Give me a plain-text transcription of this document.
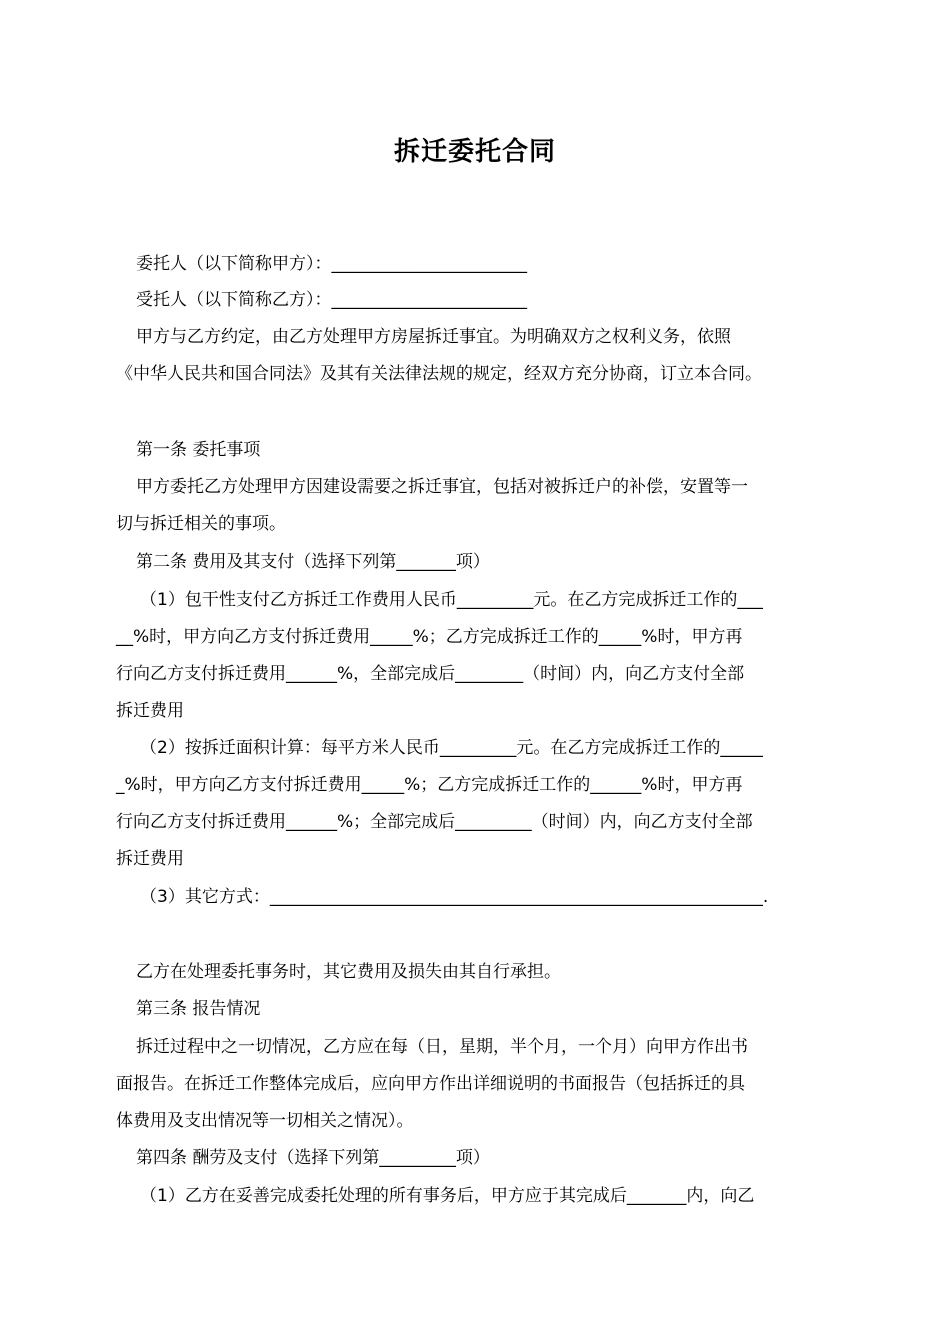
拆迁委托合同
委托人（以下简称甲方）：_______________________
受托人（以下简称乙方）：_______________________
甲方与乙方约定，由乙方处理甲方房屋拆迁事宜。为明确双方之权利义务，依照
《中华人民共和国合同法》及其有关法律法规的规定，经双方充分协商，订立本合同。
第一条 委托事项
甲方委托乙方处理甲方因建设需要之拆迁事宜，包括对被拆迁户的补偿，安置等一
切与拆迁相关的事项。
第二条 费用及其支付（选择下列第_______项）
（1）包干性支付乙方拆迁工作费用人民币_________元。在乙方完成拆迁工作的___
__%时，甲方向乙方支付拆迁费用_____%；乙方完成拆迁工作的_____%时，甲方再
行向乙方支付拆迁费用______%，全部完成后________（时间）内，向乙方支付全部
拆迁费用
（2）按拆迁面积计算：每平方米人民币_________元。在乙方完成拆迁工作的_____
_%时，甲方向乙方支付拆迁费用_____%；乙方完成拆迁工作的______%时，甲方再
行向乙方支付拆迁费用______%；全部完成后_________（时间）内，向乙方支付全部
拆迁费用
（3）其它方式：__________________________________________________________.
乙方在处理委托事务时，其它费用及损失由其自行承担。
第三条 报告情况
拆迁过程中之一切情况，乙方应在每（日，星期，半个月，一个月）向甲方作出书
面报告。在拆迁工作整体完成后，应向甲方作出详细说明的书面报告（包括拆迁的具
体费用及支出情况等一切相关之情况）。
第四条 酬劳及支付（选择下列第_________项）
（1）乙方在妥善完成委托处理的所有事务后，甲方应于其完成后_______内，向乙
